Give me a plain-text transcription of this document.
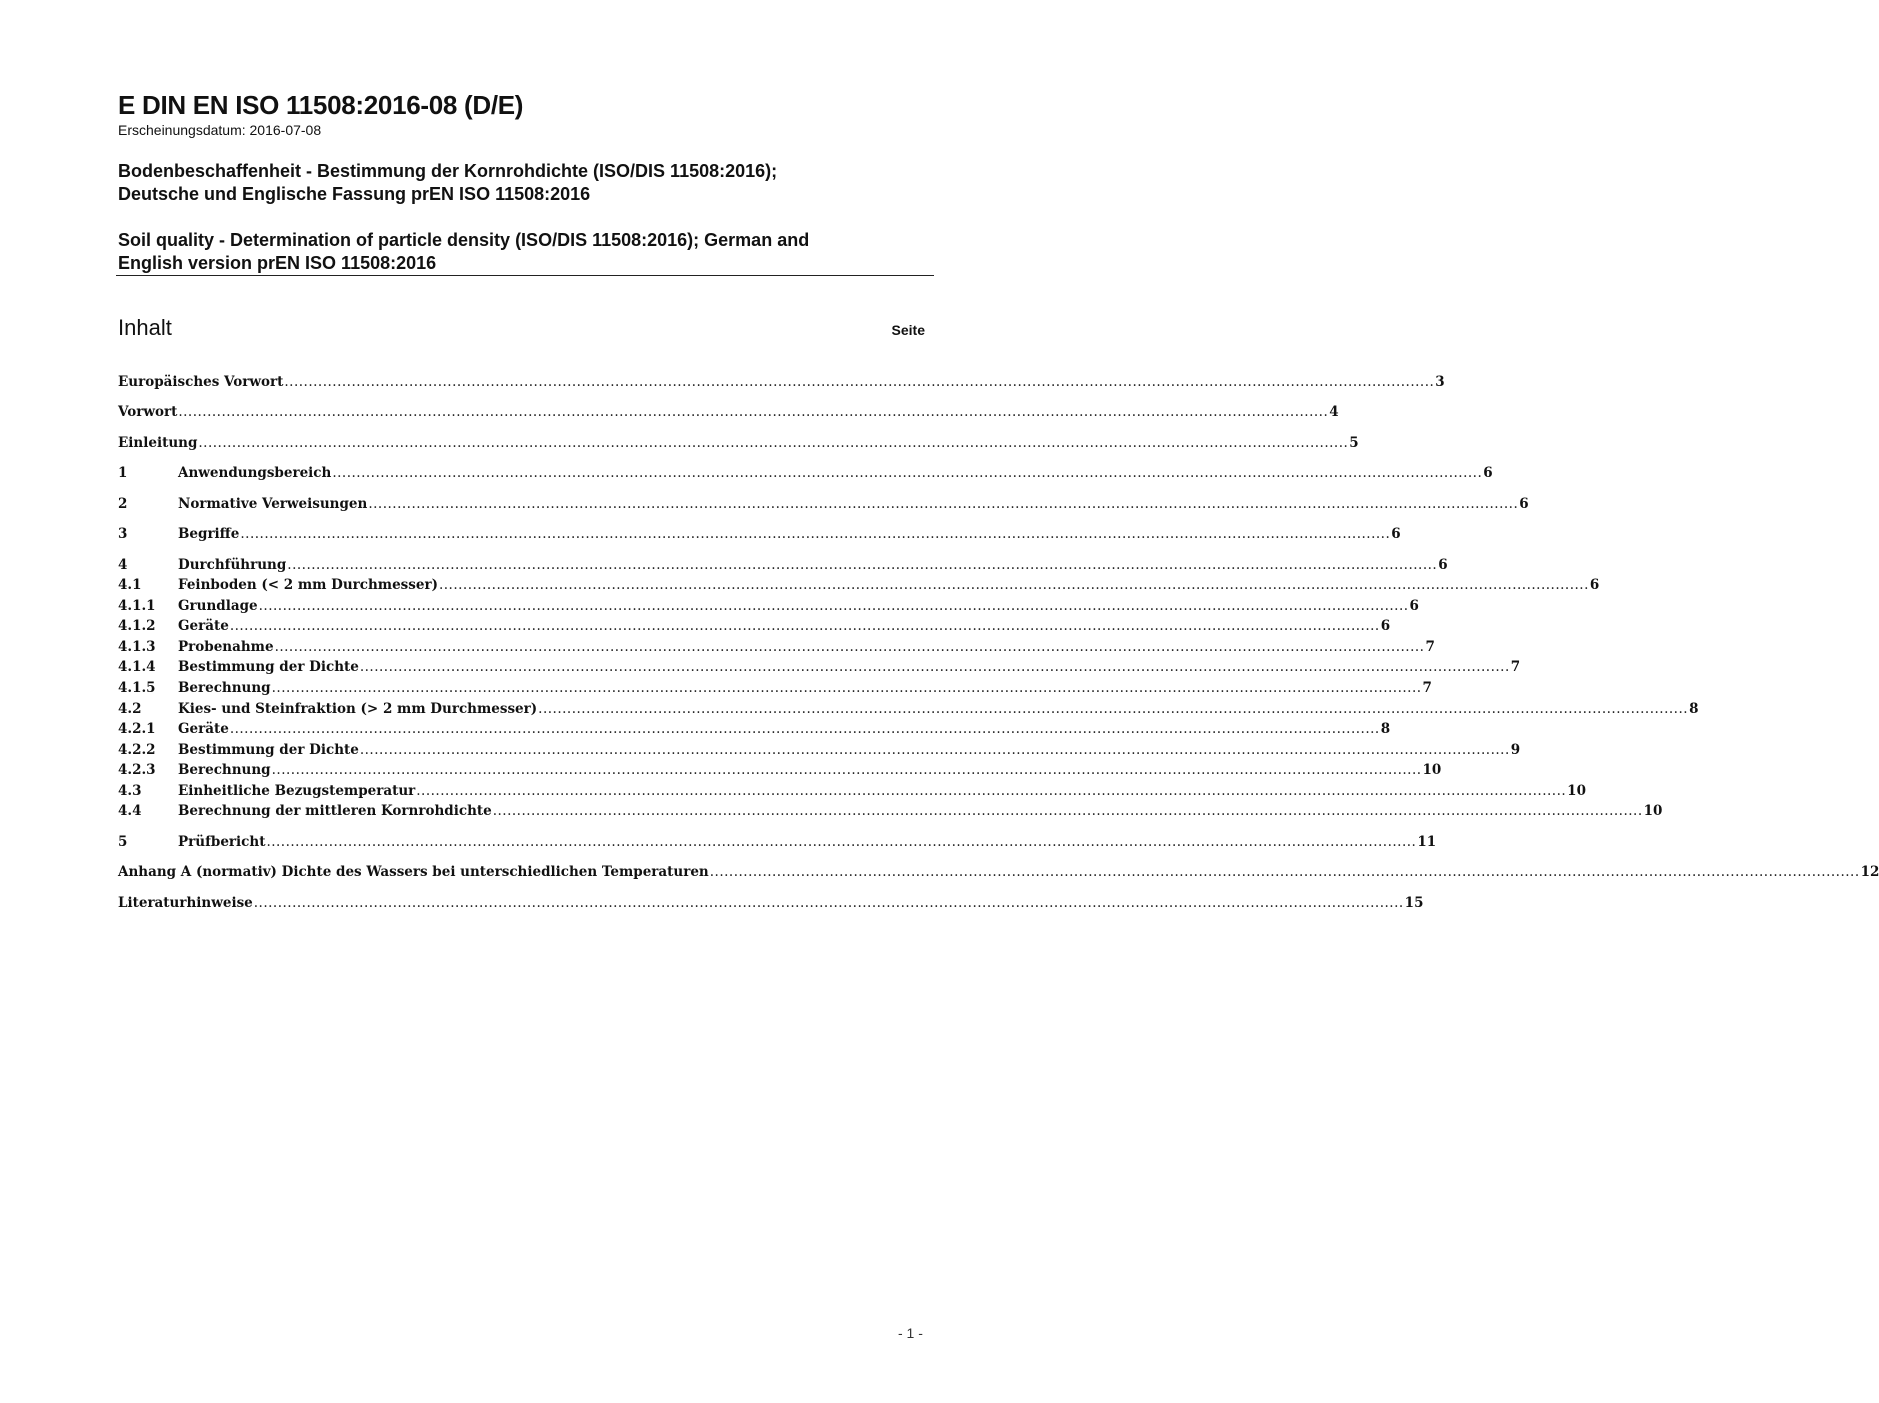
E DIN EN ISO 11508:2016-08 (D/E)
Erscheinungsdatum: 2016-07-08
Bodenbeschaffenheit - Bestimmung der Kornrohdichte (ISO/DIS 11508:2016);
Deutsche und Englische Fassung prEN ISO 11508:2016
Soil quality - Determination of particle density (ISO/DIS 11508:2016); German and
English version prEN ISO 11508:2016
Inhalt	Seite
Europäisches Vorwort ................................................................................................................................................................................................................................................ 3
Vorwort ................................................................................................................................................................................................................................................ 4
Einleitung ................................................................................................................................................................................................................................................ 5
1	Anwendungsbereich ................................................................................................................................................................................................................................................ 6
2	Normative Verweisungen ................................................................................................................................................................................................................................................ 6
3	Begriffe ................................................................................................................................................................................................................................................ 6
4	Durchführung ................................................................................................................................................................................................................................................ 6
4.1	Feinboden (< 2 mm Durchmesser) ................................................................................................................................................................................................................................................ 6
4.1.1	Grundlage ................................................................................................................................................................................................................................................ 6
4.1.2	Geräte ................................................................................................................................................................................................................................................ 6
4.1.3	Probenahme ................................................................................................................................................................................................................................................ 7
4.1.4	Bestimmung der Dichte ................................................................................................................................................................................................................................................ 7
4.1.5	Berechnung ................................................................................................................................................................................................................................................ 7
4.2	Kies- und Steinfraktion (> 2 mm Durchmesser) ................................................................................................................................................................................................................................................ 8
4.2.1	Geräte ................................................................................................................................................................................................................................................ 8
4.2.2	Bestimmung der Dichte ................................................................................................................................................................................................................................................ 9
4.2.3	Berechnung ................................................................................................................................................................................................................................................ 10
4.3	Einheitliche Bezugstemperatur ................................................................................................................................................................................................................................................ 10
4.4	Berechnung der mittleren Kornrohdichte ................................................................................................................................................................................................................................................ 10
5	Prüfbericht ................................................................................................................................................................................................................................................ 11
Anhang A (normativ) Dichte des Wassers bei unterschiedlichen Temperaturen ................................................................................................................................................................................................................................................ 12
Literaturhinweise ................................................................................................................................................................................................................................................ 15
- 1 -
